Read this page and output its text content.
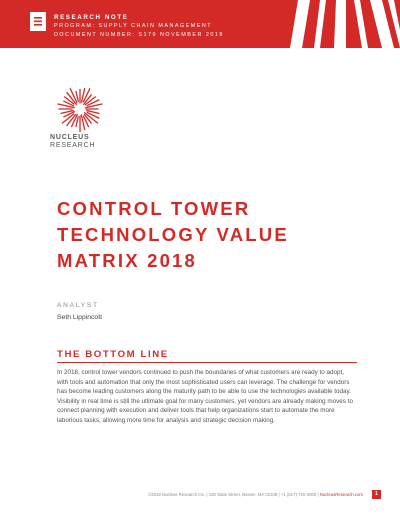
RESEARCH NOTE
PROGRAM: SUPPLY CHAIN MANAGEMENT
DOCUMENT NUMBER: S179 NOVEMBER 2018
NUCLEUS
RESEARCH
CONTROL TOWER
TECHNOLOGY VALUE
MATRIX 2018
ANALYST
Seth Lippincott
THE BOTTOM LINE
In 2018, control tower vendors continued to push the boundaries of what customers are ready to adopt, with tools and automation that only the most sophisticated users can leverage. The challenge for vendors has become leading customers along the maturity path to be able to use the technologies available today. Visibility in real time is still the ultimate goal for many customers, yet vendors are already making moves to connect planning with execution and deliver tools that help organizations start to automate the more laborious tasks, allowing more time for analysis and strategic decision making.
©2018 Nucleus Research Inc. | 100 State Street, Boston, MA 02109 | +1 (617) 720-2000 | NucleusResearch.com	1
